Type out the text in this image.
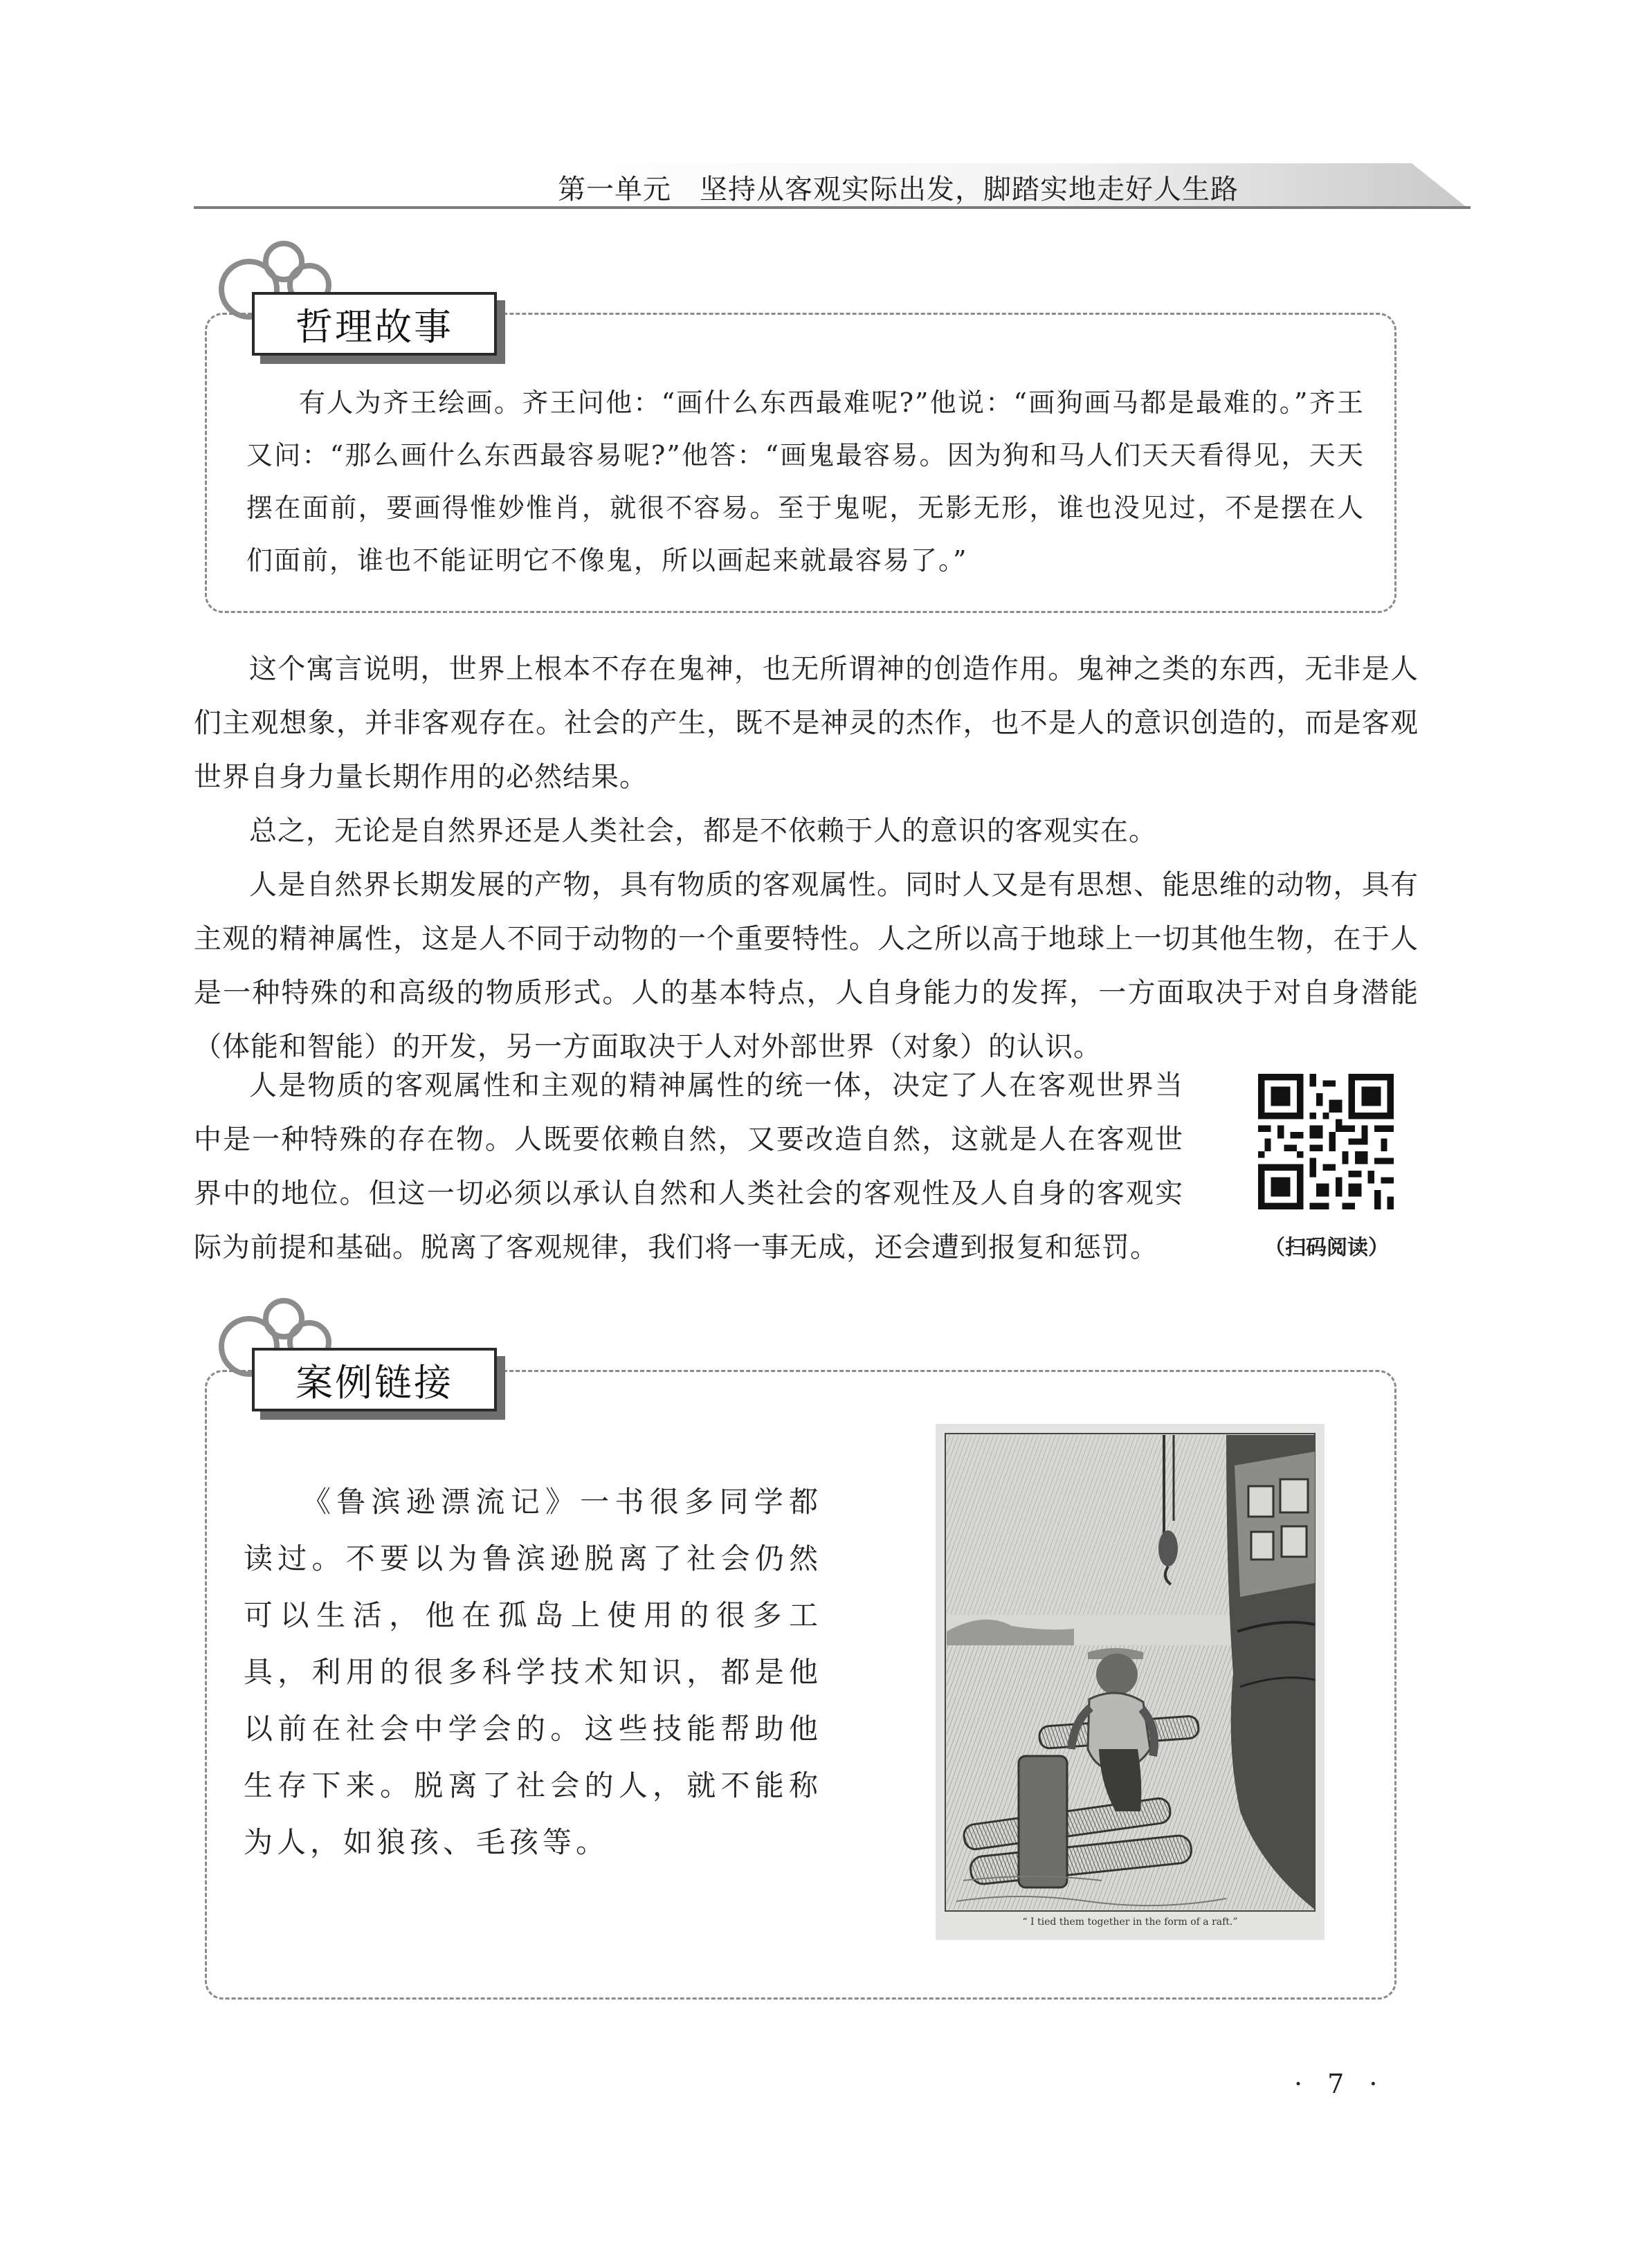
第一单元　坚持从客观实际出发，脚踏实地走好人生路
哲理故事

有人为齐王绘画。齐王问他：“画什么东西最难呢?”他说：“画狗画马都是最难的。”齐王又问：“那么画什么东西最容易呢?”他答：“画鬼最容易。因为狗和马人们天天看得见，天天摆在面前，要画得惟妙惟肖，就很不容易。至于鬼呢，无影无形，谁也没见过，不是摆在人们面前，谁也不能证明它不像鬼，所以画起来就最容易了。”

这个寓言说明，世界上根本不存在鬼神，也无所谓神的创造作用。鬼神之类的东西，无非是人们主观想象，并非客观存在。社会的产生，既不是神灵的杰作，也不是人的意识创造的，而是客观世界自身力量长期作用的必然结果。

总之，无论是自然界还是人类社会，都是不依赖于人的意识的客观实在。

人是自然界长期发展的产物，具有物质的客观属性。同时人又是有思想、能思维的动物，具有主观的精神属性，这是人不同于动物的一个重要特性。人之所以高于地球上一切其他生物，在于人是一种特殊的和高级的物质形式。人的基本特点，人自身能力的发挥，一方面取决于对自身潜能（体能和智能）的开发，另一方面取决于人对外部世界（对象）的认识。

人是物质的客观属性和主观的精神属性的统一体，决定了人在客观世界当中是一种特殊的存在物。人既要依赖自然，又要改造自然，这就是人在客观世界中的地位。但这一切必须以承认自然和人类社会的客观性及人自身的客观实际为前提和基础。脱离了客观规律，我们将一事无成，还会遭到报复和惩罚。	（扫码阅读）
案例链接

《鲁滨逊漂流记》一书很多同学都读过。不要以为鲁滨逊脱离了社会仍然可以生活，他在孤岛上使用的很多工具，利用的很多科学技术知识，都是他以前在社会中学会的。这些技能帮助他生存下来。脱离了社会的人，就不能称为人，如狼孩、毛孩等。

“ I tied them together in the form of a raft.”
· 7 ·
